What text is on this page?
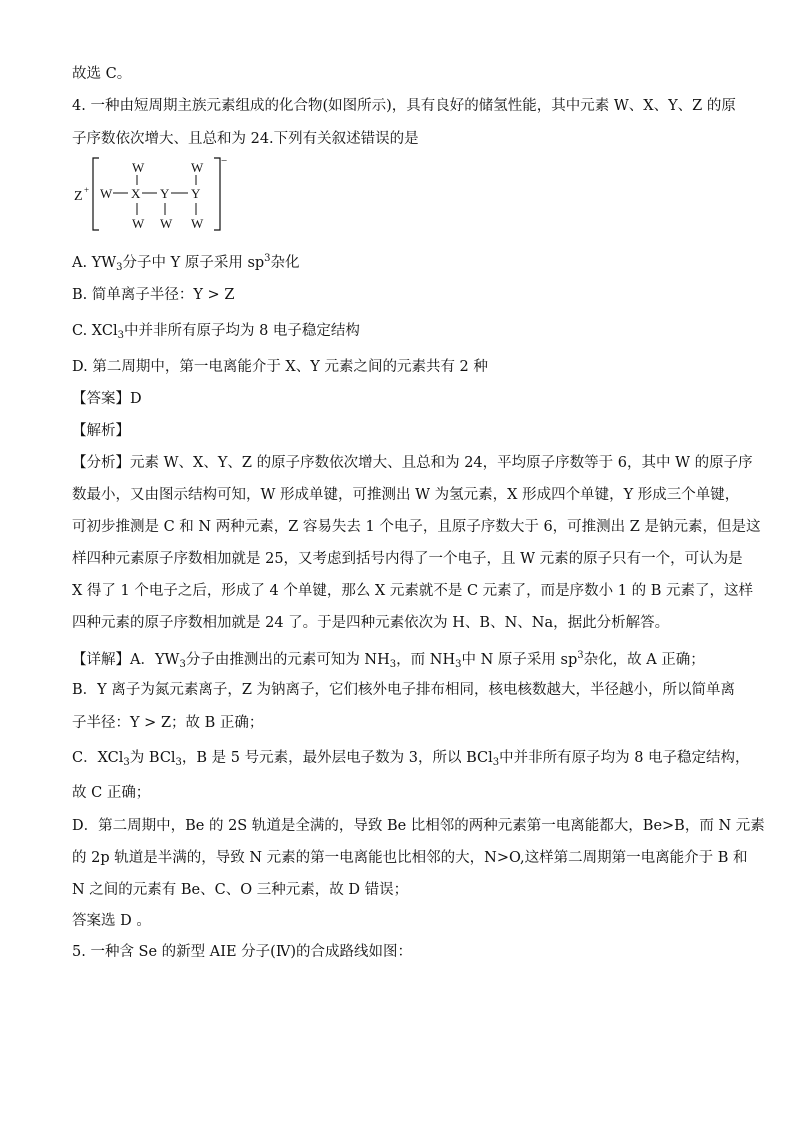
故选 C。
4. 一种由短周期主族元素组成的化合物(如图所示)，具有良好的储氢性能，其中元素 W、X、Y、Z 的原
子序数依次增大、且总和为 24.下列有关叙述错误的是
Z +
−
W	W
W X Y Y
W W W
A. $YW_3$分子中 Y 原子采用 $sp^3$杂化
B. 简单离子半径：Y > Z
C. XCl$_3$中并非所有原子均为 8 电子稳定结构
D. 第二周期中，第一电离能介于 X、Y 元素之间的元素共有 2 种
【答案】D
【解析】
【分析】元素 W、X、Y、Z 的原子序数依次增大、且总和为 24，平均原子序数等于 6，其中 W 的原子序
数最小，又由图示结构可知，W 形成单键，可推测出 W 为氢元素，X 形成四个单键，Y 形成三个单键，
可初步推测是 C 和 N 两种元素，Z 容易失去 1 个电子，且原子序数大于 6，可推测出 Z 是钠元素，但是这
样四种元素原子序数相加就是 25，又考虑到括号内得了一个电子，且 W 元素的原子只有一个，可认为是
X 得了 1 个电子之后，形成了 4 个单键，那么 X 元素就不是 C 元素了，而是序数小 1 的 B 元素了，这样
四种元素的原子序数相加就是 24 了。于是四种元素依次为 H、B、N、Na，据此分析解答。
【详解】A．$YW_3$分子由推测出的元素可知为 $NH_3$，而 $NH_3$中 N 原子采用 $sp^3$杂化，故 A 正确；
B．Y 离子为氮元素离子，Z 为钠离子，它们核外电子排布相同，核电核数越大，半径越小，所以简单离
子半径：Y > Z；故 B 正确；
C．XCl$_3$为 BCl$_3$，B 是 5 号元素，最外层电子数为 3，所以 BCl$_3$中并非所有原子均为 8 电子稳定结构，
故 C 正确；
D．第二周期中，Be 的 2S 轨道是全满的，导致 Be 比相邻的两种元素第一电离能都大，Be>B，而 N 元素
的 2p 轨道是半满的，导致 N 元素的第一电离能也比相邻的大，N>O,这样第二周期第一电离能介于 B 和
N 之间的元素有 Be、C、O 三种元素，故 D 错误；
答案选 D 。
5. 一种含 Se 的新型 AIE 分子(Ⅳ)的合成路线如图：
